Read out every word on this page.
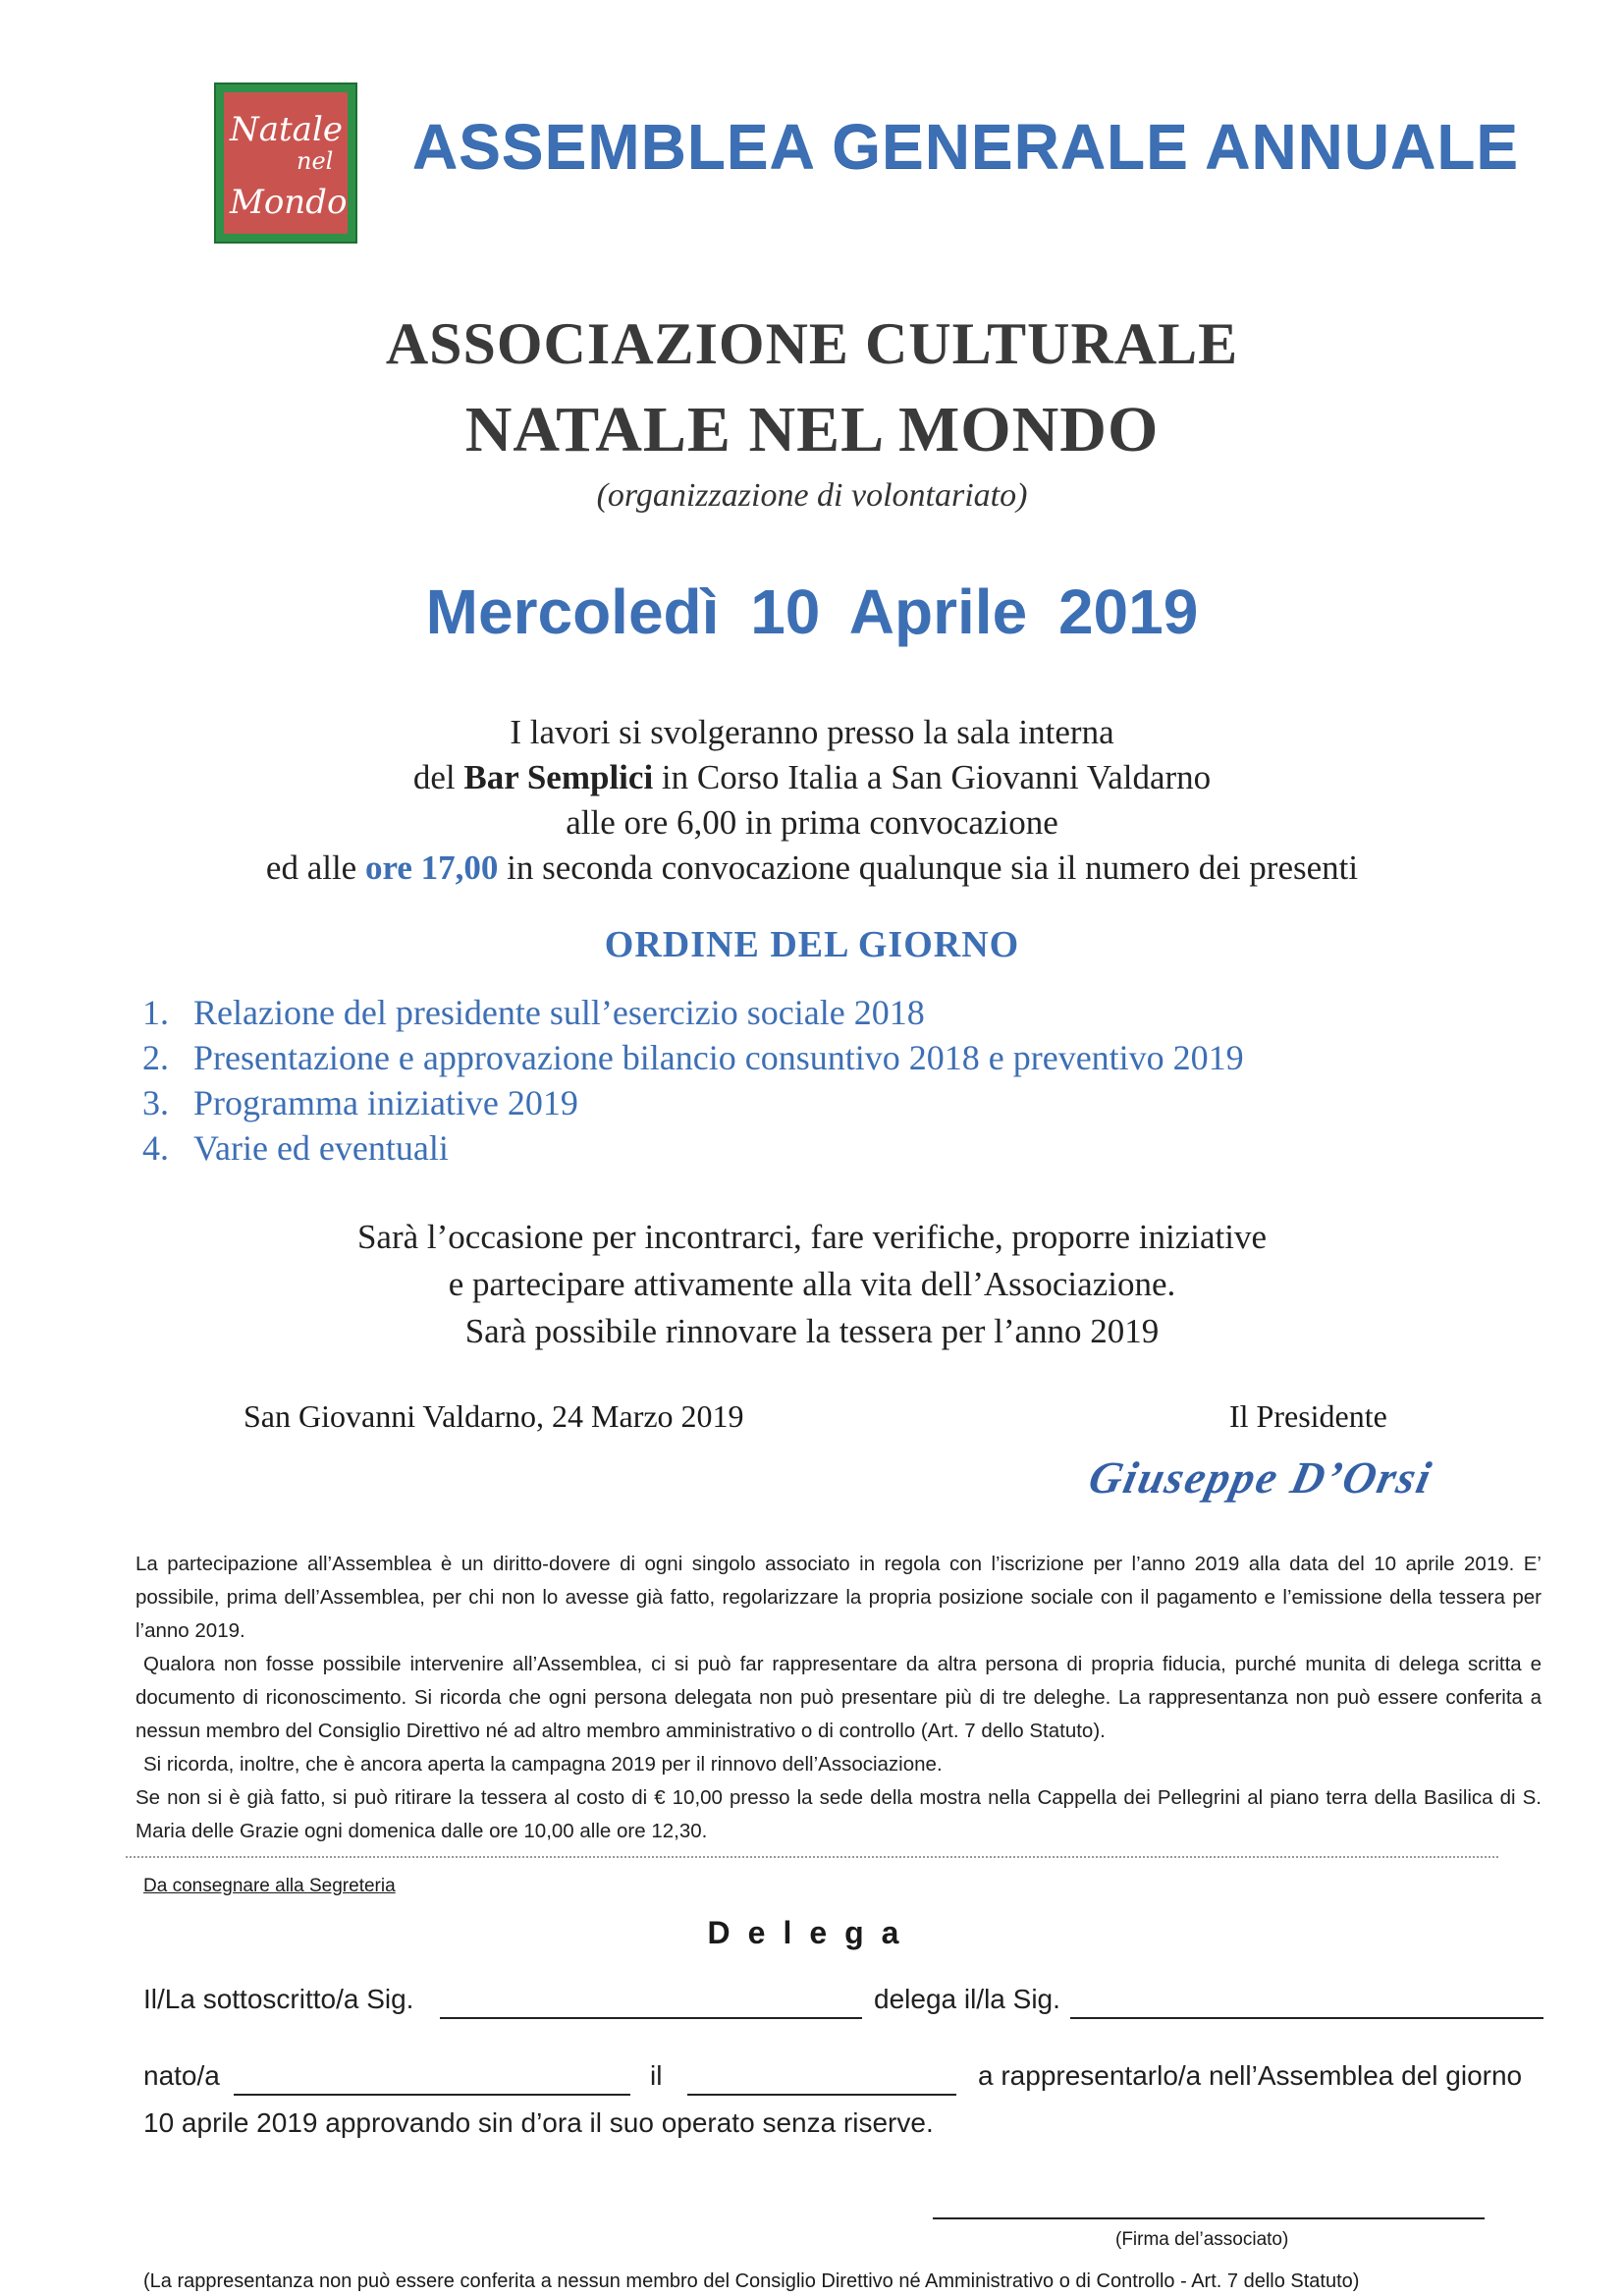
Natale
nel
Mondo
ASSEMBLEA GENERALE ANNUALE
ASSOCIAZIONE CULTURALE
NATALE NEL MONDO
(organizzazione di volontariato)
Mercoledì 10 Aprile 2019
I lavori si svolgeranno presso la sala interna
del Bar Semplici in Corso Italia a San Giovanni Valdarno
alle ore 6,00 in prima convocazione
ed alle ore 17,00 in seconda convocazione qualunque sia il numero dei presenti
ORDINE DEL GIORNO
1. Relazione del presidente sull’esercizio sociale 2018
2. Presentazione e approvazione bilancio consuntivo 2018 e preventivo 2019
3. Programma iniziative 2019
4. Varie ed eventuali
Sarà l’occasione per incontrarci, fare verifiche, proporre iniziative
e partecipare attivamente alla vita dell’Associazione.
Sarà possibile rinnovare la tessera per l’anno 2019
San Giovanni Valdarno, 24 Marzo 2019	Il Presidente
Giuseppe D’Orsi

La partecipazione all’Assemblea è un diritto-dovere di ogni singolo associato in regola con l’iscrizione per l’anno 2019 alla data del 10 aprile 2019. E’ possibile, prima dell’Assemblea, per chi non lo avesse già fatto, regolarizzare la propria posizione sociale con il pagamento e l’emissione della tessera per l’anno 2019.

Qualora non fosse possibile intervenire all’Assemblea, ci si può far rappresentare da altra persona di propria fiducia, purché munita di delega scritta e documento di riconoscimento. Si ricorda che ogni persona delegata non può presentare più di tre deleghe. La rappresentanza non può essere conferita a nessun membro del Consiglio Direttivo né ad altro membro amministrativo o di controllo (Art. 7 dello Statuto).

Si ricorda, inoltre, che è ancora aperta la campagna 2019 per il rinnovo dell’Associazione.

Se non si è già fatto, si può ritirare la tessera al costo di € 10,00 presso la sede della mostra nella Cappella dei Pellegrini al piano terra della Basilica di S. Maria delle Grazie ogni domenica dalle ore 10,00 alle ore 12,30.

Da consegnare alla Segreteria
Delega
Il/La sottoscritto/a Sig.	delega il/la Sig.
nato/a	il	a rappresentarlo/a nell’Assemblea del giorno
10 aprile 2019 approvando sin d’ora il suo operato senza riserve.
(Firma del’associato)
(La rappresentanza non può essere conferita a nessun membro del Consiglio Direttivo né Amministrativo o di Controllo - Art. 7 dello Statuto)
